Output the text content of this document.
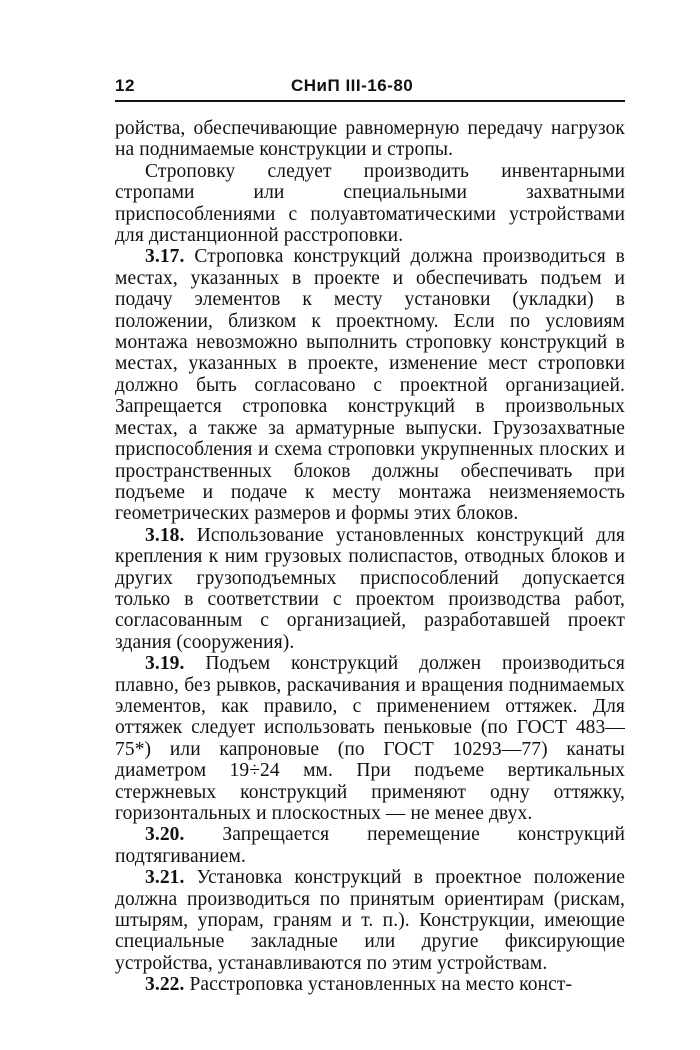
12	СНиП III-16-80

ройства, обеспечивающие равномерную передачу нагрузок на поднимаемые конструкции и стропы.

Строповку следует производить инвентарными стропами или специальными захватными приспособлениями с полуавтоматическими устройствами для дистанционной расстроповки.

3.17. Строповка конструкций должна производиться в местах, указанных в проекте и обеспечивать подъем и подачу элементов к месту установки (укладки) в положении, близком к проектному. Если по условиям монтажа невозможно выполнить строповку конструкций в местах, указанных в проекте, изменение мест строповки должно быть согласовано с проектной организацией. Запрещается строповка конструкций в произвольных местах, а также за арматурные выпуски. Грузозахватные приспособления и схема строповки укрупненных плоских и пространственных блоков должны обеспечивать при подъеме и подаче к месту монтажа неизменяемость геометрических размеров и формы этих блоков.

3.18. Использование установленных конструкций для крепления к ним грузовых полиспастов, отводных блоков и других грузоподъемных приспособлений допускается только в соответствии с проектом производства работ, согласованным с организацией, разработавшей проект здания (сооружения).

3.19. Подъем конструкций должен производиться плавно, без рывков, раскачивания и вращения поднимаемых элементов, как правило, с применением оттяжек. Для оттяжек следует использовать пеньковые (по ГОСТ 483—75*) или капроновые (по ГОСТ 10293—77) канаты диаметром 19÷24 мм. При подъеме вертикальных стержневых конструкций применяют одну оттяжку, горизонтальных и плоскостных — не менее двух.

3.20. Запрещается перемещение конструкций подтягиванием.

3.21. Установка конструкций в проектное положение должна производиться по принятым ориентирам (рискам, штырям, упорам, граням и т. п.). Конструкции, имеющие специальные закладные или другие фиксирующие устройства, устанавливаются по этим устройствам.

3.22. Расстроповка установленных на место конст-
